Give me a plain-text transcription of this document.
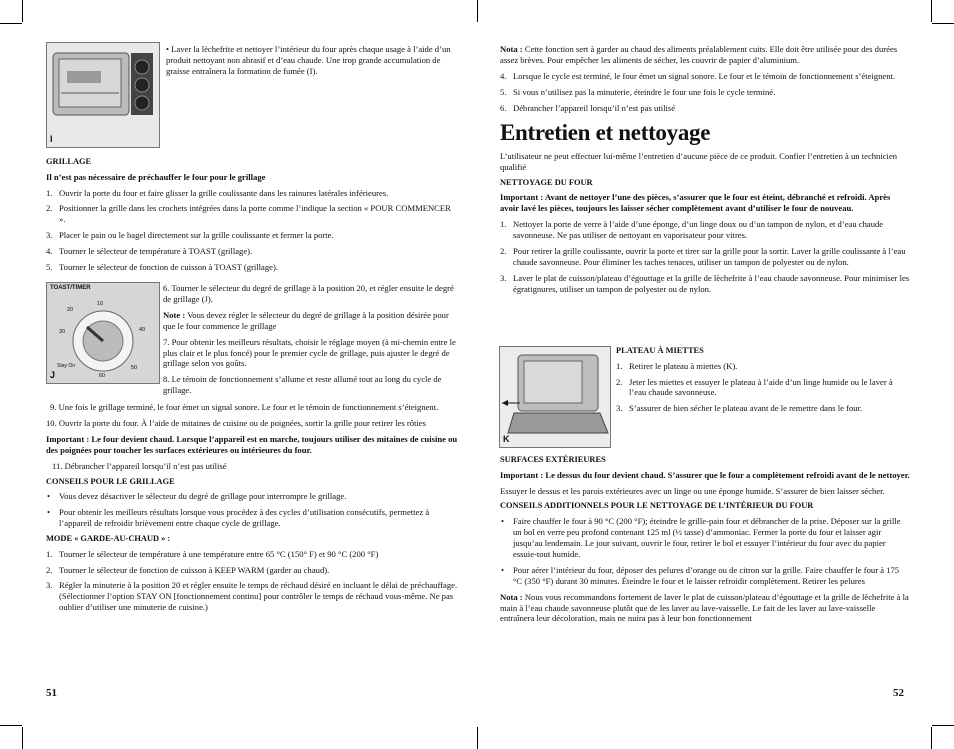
I

• Laver la lèchefrite et nettoyer l’intérieur du four après chaque usage à l’aide d’un produit nettoyant non abrasif et d’eau chaude. Une trop grande accumulation de graisse entraînera la formation de fumée (I).

GRILLAGE

Il n’est pas nécessaire de préchauffer le four pour le grillage

1. Ouvrir la porte du four et faire glisser la grille coulissante dans les rainures latérales inférieures.
2. Positionner la grille dans les crochets intégrées dans la porte comme l’indique la section « POUR COMMENCER ».
3. Placer le pain ou le bagel directement sur la grille coulissante et fermer la porte.
4. Tourner le sélecteur de température à TOAST (grillage).
5. Tourner le sélecteur de fonction de cuisson à TOAST (grillage).
TOAST/TIMER
10
20
30	40
50
60
Stay On
J

6. Tourner le sélecteur du degré de grillage à la position 20, et régler ensuite le degré de grillage (J).

Note : Vous devez régler le sélecteur du degré de grillage à la position désirée pour que le four commence le grillage

7. Pour obtenir les meilleurs résultats, choisir le réglage moyen (à mi-chemin entre le plus clair et le plus foncé) pour le premier cycle de grillage, puis ajuster le degré de grillage selon vos goûts.

8. Le témoin de fonctionnement s’allume et reste allumé tout au long du cycle de grillage.

9. Une fois le grillage terminé, le four émet un signal sonore. Le four et le témoin de fonctionnement s’éteignent.

10. Ouvrir la porte du four. À l’aide de mitaines de cuisine ou de poignées, sortir la grille pour retirer les rôties

Important : Le four devient chaud. Lorsque l’appareil est en marche, toujours utiliser des mitaines de cuisine ou des poignées pour toucher les surfaces extérieures ou intérieures du four.

11. Débrancher l’appareil lorsqu’il n’est pas utilisé

CONSEILS POUR LE GRILLAGE

• Vous devez désactiver le sélecteur du degré de grillage pour interrompre le grillage.
• Pour obtenir les meilleurs résultats lorsque vous procédez à des cycles d’utilisation consécutifs, permettez à l’appareil de refroidir brièvement entre chaque cycle de grillage.

MODE « GARDE-AU-CHAUD » :

1. Tourner le sélecteur de température à une température entre 65 °C (150° F) et 90 °C (200 °F)
2. Tourner le sélecteur de fonction de cuisson à KEEP WARM (garder au chaud).
3. Régler la minuterie à la position 20 et régler ensuite le temps de réchaud désiré en incluant le délai de préchauffage. (Sélectionner l’option STAY ON [fonctionnement continu] pour contrôler le temps de réchaud vous-même. Ne pas oublier d’utiliser une minuterie de cuisine.)
51

Nota : Cette fonction sert à garder au chaud des aliments préalablement cuits. Elle doit être utilisée pour des durées assez brèves. Pour empêcher les aliments de sécher, les couvrir de papier d’aluminium.

4. Lorsque le cycle est terminé, le four émet un signal sonore. Le four et le témoin de fonctionnement s’éteignent.
5. Si vous n’utilisez pas la minuterie, éteindre le four une fois le cycle terminé.
6. Débrancher l’appareil lorsqu’il n’est pas utilisé
Entretien et nettoyage

L’utilisateur ne peut effectuer lui-même l’entretien d’aucune pièce de ce produit. Confier l’entretien à un technicien qualifié

NETTOYAGE DU FOUR

Important : Avant de nettoyer l’une des pièces, s’assurer que le four est éteint, débranché et refroidi. Après avoir lavé les pièces, toujours les laisser sécher complètement avant d’utiliser le four de nouveau.

1. Nettoyer la porte de verre à l’aide d’une éponge, d’un linge doux ou d’un tampon de nylon, et d’eau chaude savonneuse. Ne pas utiliser de nettoyant en vaporisateur pour vitres.
2. Pour retirer la grille coulissante, ouvrir la porte et tirer sur la grille pour la sortir. Laver la grille coulissante à l’eau chaude savonneuse. Pour éliminer les taches tenaces, utiliser un tampon de polyester ou de nylon.
3. Laver le plat de cuisson/plateau d’égouttage et la grille de lèchefrite à l’eau chaude savonneuse. Pour minimiser les égratignures, utiliser un tampon de polyester ou de nylon.
K

PLATEAU À MIETTES

1. Retirer le plateau à miettes (K).
2. Jeter les miettes et essuyer le plateau à l’aide d’un linge humide ou le laver à l’eau chaude savonneuse.
3. S’assurer de bien sécher le plateau avant de le remettre dans le four.

SURFACES EXTÉRIEURES

Important : Le dessus du four devient chaud. S’assurer que le four a complètement refroidi avant de le nettoyer.

Essuyer le dessus et les parois extérieures avec un linge ou une éponge humide. S’assurer de bien laisser sécher.

CONSEILS ADDITIONNELS POUR LE NETTOYAGE DE L’INTÉRIEUR DU FOUR

• Faire chauffer le four à 90 °C (200 °F); éteindre le grille-pain four et débrancher de la prise. Déposer sur la grille un bol en verre peu profond contenant 125 ml (½ tasse) d’ammoniac. Fermer la porte du four et laisser agir jusqu’au lendemain. Le jour suivant, ouvrir le four, retirer le bol et essuyer l’intérieur du four avec du papier essuie-tout humide.
• Pour aérer l’intérieur du four, déposer des pelures d’orange ou de citron sur la grille. Faire chauffer le four à 175 °C (350 °F) durant 30 minutes. Éteindre le four et le laisser refroidir complètement. Retirer les pelures

Nota : Nous vous recommandons fortement de laver le plat de cuisson/plateau d’égouttage et la grille de lèchefrite à la main à l’eau chaude savonneuse plutôt que de les laver au lave-vaisselle. Le fait de les laver au lave-vaisselle entraînera leur décoloration, mais ne nuira pas à leur bon fonctionnement

52
